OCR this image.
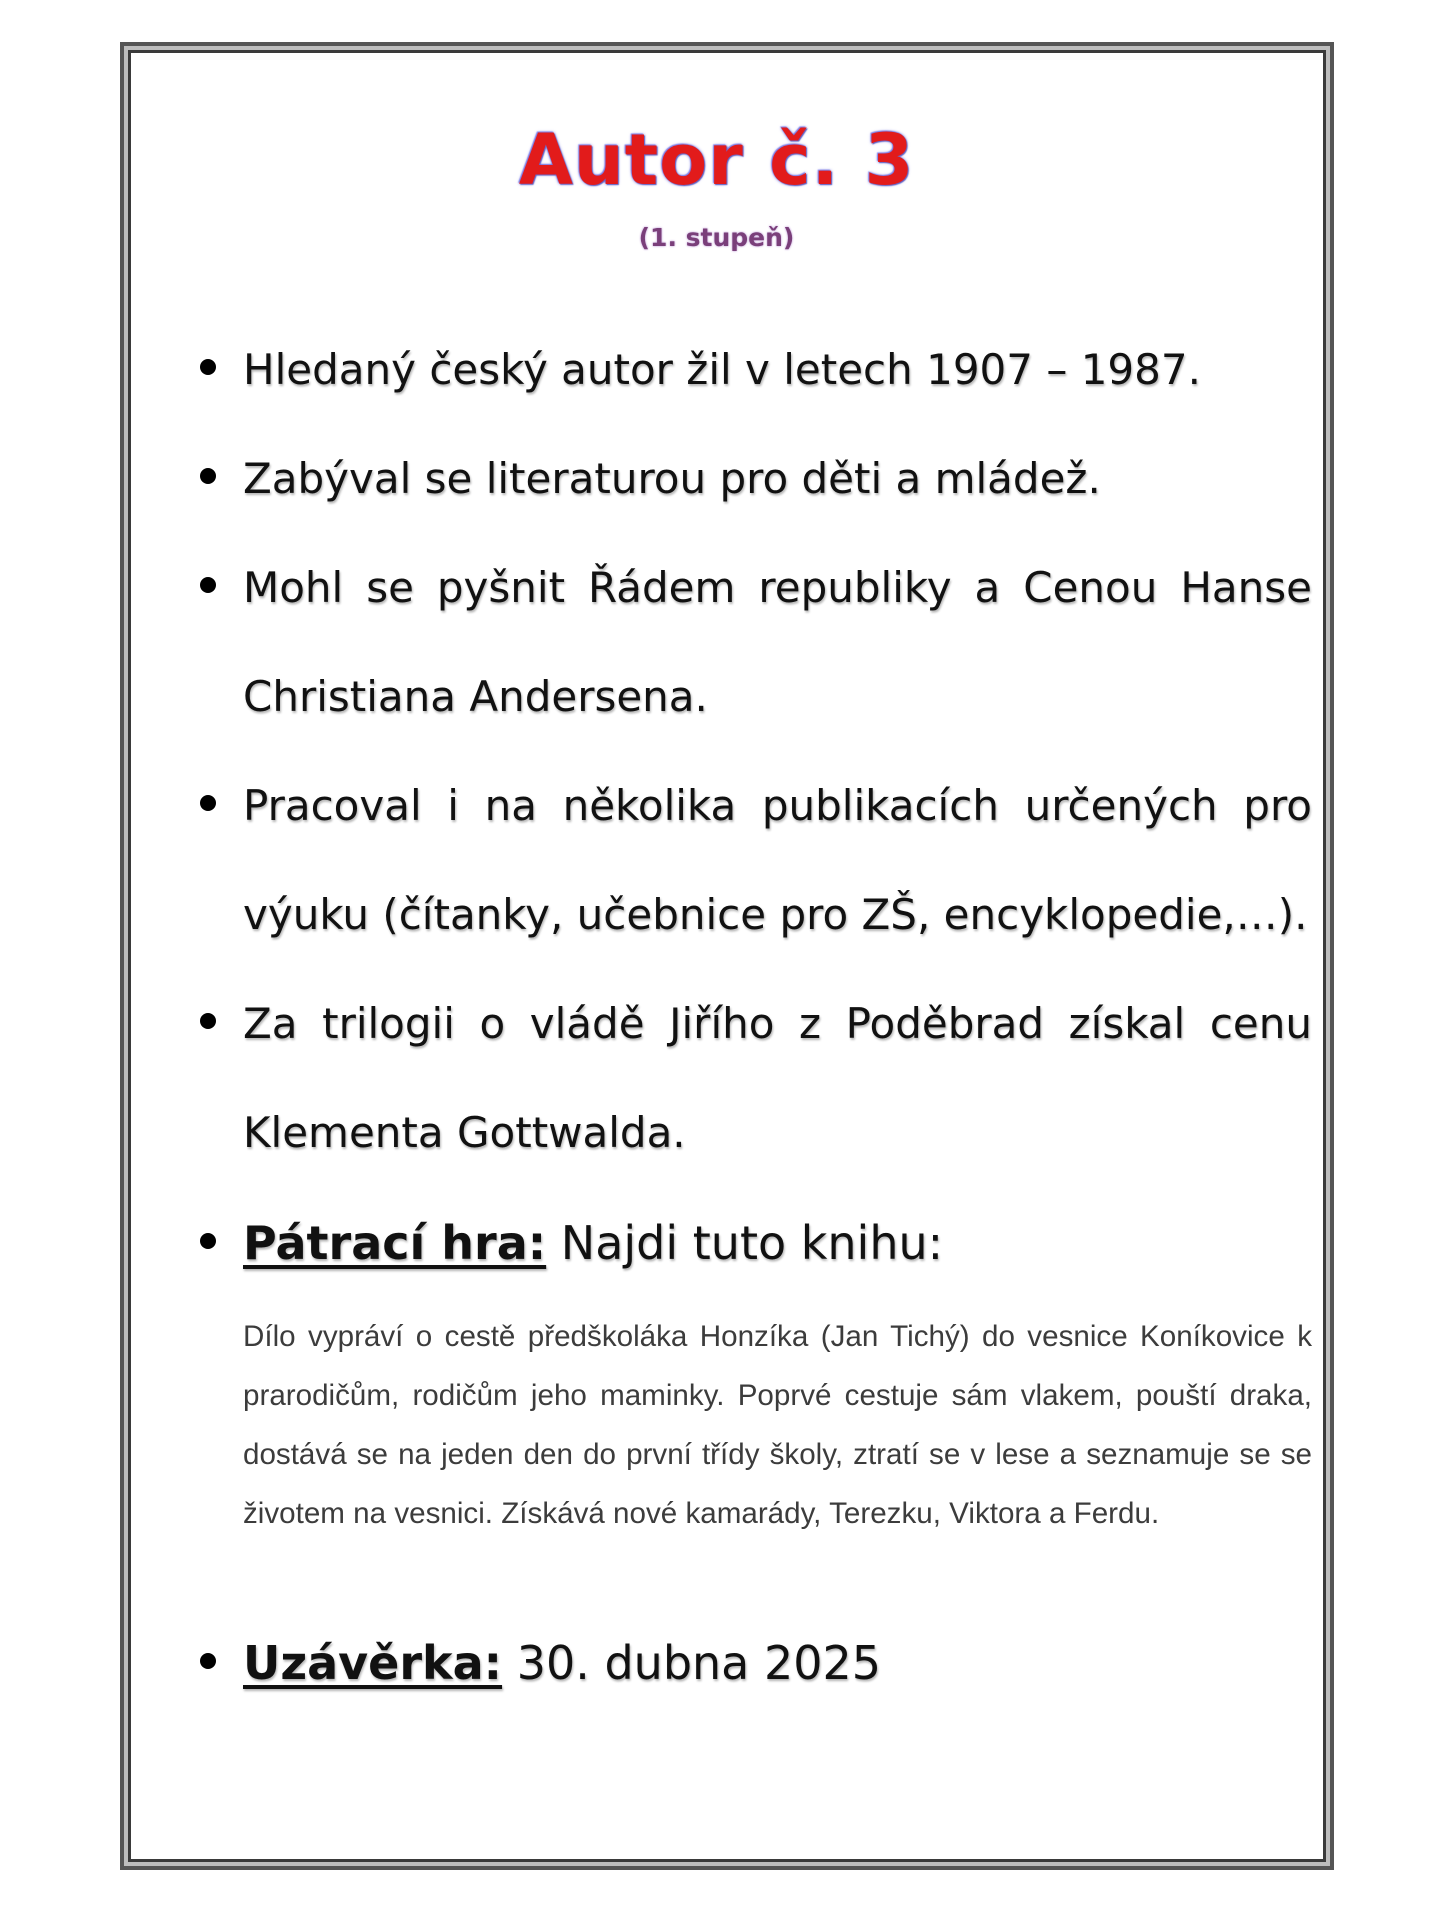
Autor č. 3
(1. stupeň)
Hledaný český autor žil v letech 1907 – 1987.
Zabýval se literaturou pro děti a mládež.
Mohl se pyšnit Řádem republiky a Cenou Hanse Christiana Andersena.
Pracoval i na několika publikacích určených pro výuku (čítanky, učebnice pro ZŠ, encyklopedie,…).
Za trilogii o vládě Jiřího z Poděbrad získal cenu Klementa Gottwalda.
Pátrací hra: Najdi tuto knihu:

Dílo vypráví o cestě předškoláka Honzíka (Jan Tichý) do vesnice Koníkovice k prarodičům, rodičům jeho maminky. Poprvé cestuje sám vlakem, pouští draka, dostává se na jeden den do první třídy školy, ztratí se v lese a seznamuje se se životem na vesnici. Získává nové kamarády, Terezku, Viktora a Ferdu.

Uzávěrka: 30. dubna 2025
